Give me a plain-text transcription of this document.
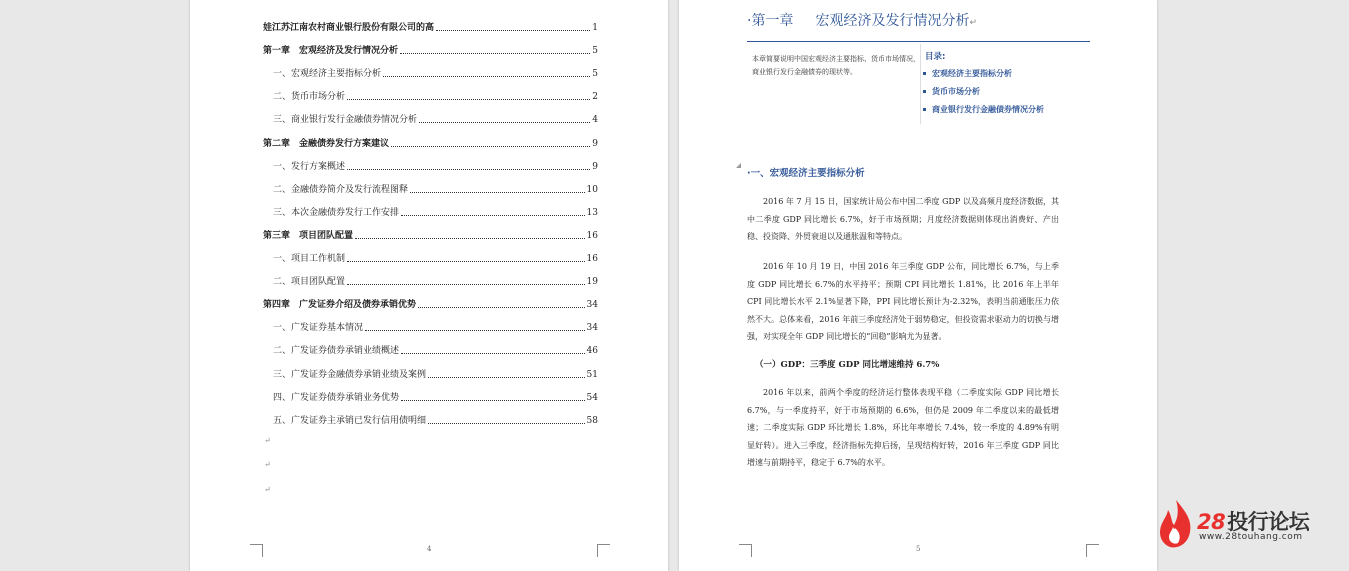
娃江苏江南农村商业银行股份有限公司的高	1
第一章　宏观经济及发行情况分析	5
一、宏观经济主要指标分析	5
二、货币市场分析	2
三、商业银行发行金融债券情况分析	4
第二章　金融债券发行方案建议	9
一、发行方案概述	9
二、金融债券简介及发行流程图释	10
三、本次金融债券发行工作安排	13
第三章　项目团队配置	16
一、项目工作机制	16
二、项目团队配置	19
第四章　广发证券介绍及债券承销优势	34
一、广发证券基本情况	34
二、广发证券债券承销业绩概述	46
三、广发证券金融债券承销业绩及案例	51
四、广发证券债券承销业务优势	54
五、广发证券主承销已发行信用债明细	58
↵
↵
↵
4
·第一章 宏观经济及发行情况分析↵
本章简要说明中国宏观经济主要指标、货币市场情况，商业银行发行金融债券的现状等。
目录:
宏观经济主要指标分析
货币市场分析
商业银行发行金融债券情况分析
·一、宏观经济主要指标分析
2016 年 7 月 15 日，国家统计局公布中国二季度 GDP 以及高频月度经济数据，其中二季度 GDP 同比增长 6.7%，好于市场预期；月度经济数据则体现出消费好、产出稳、投资降、外贸衰退以及通胀温和等特点。
2016 年 10 月 19 日，中国 2016 年三季度 GDP 公布，同比增长 6.7%，与上季度 GDP 同比增长 6.7%的水平持平；预期 CPI 同比增长 1.81%，比 2016 年上半年 CPI 同比增长水平 2.1%显著下降，PPI 同比增长预计为-2.32%，表明当前通胀压力依然不大。总体来看，2016 年前三季度经济处于弱势稳定，但投资需求驱动力的切换与增强，对实现全年 GDP 同比增长的“回稳”影响尤为显著。
（一）GDP：三季度 GDP 同比增速维持 6.7%
2016 年以来，前两个季度的经济运行整体表现平稳（二季度实际 GDP 同比增长 6.7%，与一季度持平，好于市场预期的 6.6%，但仍是 2009 年二季度以来的最低增速；二季度实际 GDP 环比增长 1.8%，环比年率增长 7.4%，较一季度的 4.89%有明显好转）。进入三季度，经济指标先抑后扬，呈现结构好转，2016 年三季度 GDP 同比增速与前期持平，稳定于 6.7%的水平。
5
28投行论坛
www.28touhang.com
